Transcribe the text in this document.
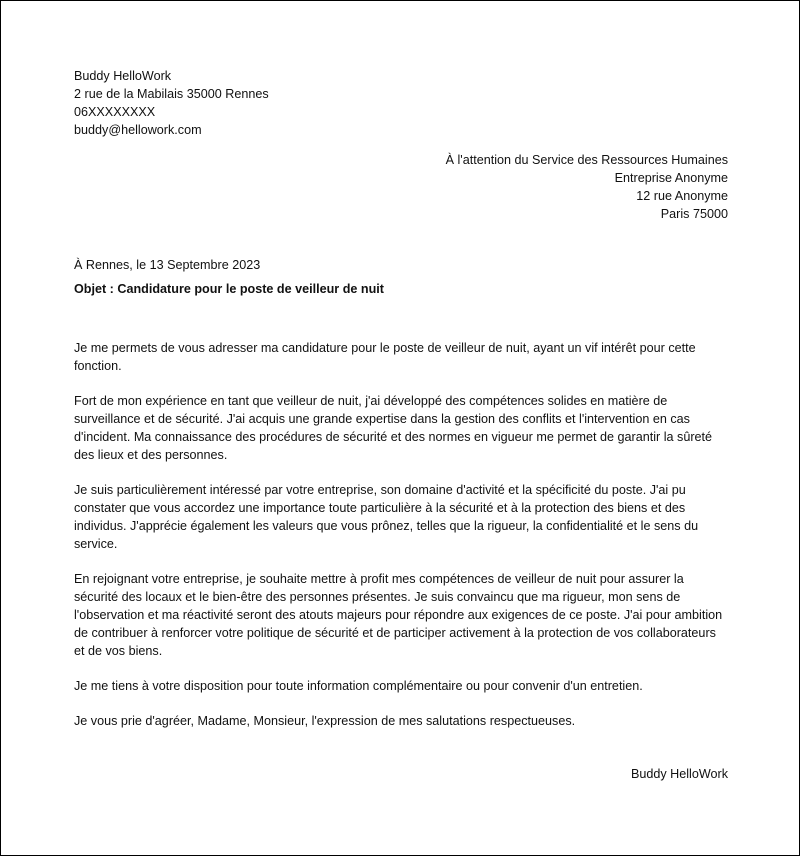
Buddy HelloWork
2 rue de la Mabilais 35000 Rennes
06XXXXXXXX
buddy@hellowork.com
À l'attention du Service des Ressources Humaines
Entreprise Anonyme
12 rue Anonyme
Paris 75000
À Rennes, le 13 Septembre 2023
Objet : Candidature pour le poste de veilleur de nuit

Je me permets de vous adresser ma candidature pour le poste de veilleur de nuit, ayant un vif intérêt pour cette fonction.

Fort de mon expérience en tant que veilleur de nuit, j'ai développé des compétences solides en matière de surveillance et de sécurité. J'ai acquis une grande expertise dans la gestion des conflits et l'intervention en cas d'incident. Ma connaissance des procédures de sécurité et des normes en vigueur me permet de garantir la sûreté des lieux et des personnes.

Je suis particulièrement intéressé par votre entreprise, son domaine d'activité et la spécificité du poste. J'ai pu constater que vous accordez une importance toute particulière à la sécurité et à la protection des biens et des individus. J'apprécie également les valeurs que vous prônez, telles que la rigueur, la confidentialité et le sens du service.

En rejoignant votre entreprise, je souhaite mettre à profit mes compétences de veilleur de nuit pour assurer la sécurité des locaux et le bien-être des personnes présentes. Je suis convaincu que ma rigueur, mon sens de l'observation et ma réactivité seront des atouts majeurs pour répondre aux exigences de ce poste. J'ai pour ambition de contribuer à renforcer votre politique de sécurité et de participer activement à la protection de vos collaborateurs et de vos biens.

Je me tiens à votre disposition pour toute information complémentaire ou pour convenir d'un entretien.

Je vous prie d'agréer, Madame, Monsieur, l'expression de mes salutations respectueuses.

Buddy HelloWork
